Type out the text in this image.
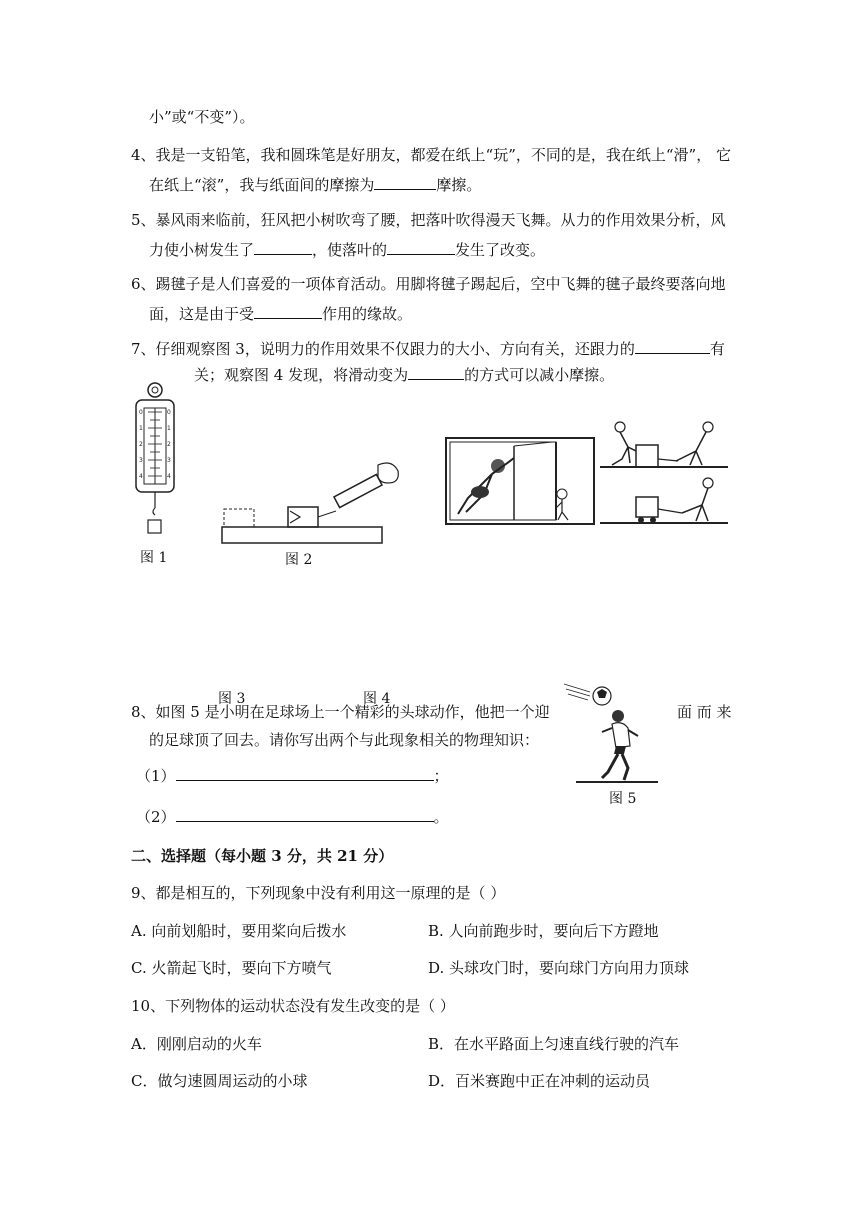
小”或“不变”）。
4、我是一支铅笔，我和圆珠笔是好朋友，都爱在纸上“玩”，不同的是，我在纸上“滑”， 它
在纸上“滚”，我与纸面间的摩擦为	摩擦。
5、暴风雨来临前，狂风把小树吹弯了腰，把落叶吹得漫天飞舞。从力的作用效果分析，风
力使小树发生了	，使落叶的	发生了改变。
6、踢毽子是人们喜爱的一项体育活动。用脚将毽子踢起后，空中飞舞的毽子最终要落向地
面，这是由于受	作用的缘故。
7、仔细观察图 3，说明力的作用效果不仅跟力的大小、方向有关，还跟力的	有
关；观察图 4 发现，将滑动变为	的方式可以减小摩擦。
0
1
2
3
4
0
1
2
3
4
图 1	图 2
图 3	图 4
8、如图 5 是小明在足球场上一个精彩的头球动作，他把一个迎	面 而 来
的足球顶了回去。请你写出两个与此现象相关的物理知识：
图 5
（1）	；
（2）	。
二、选择题（每小题 3 分，共 21 分）
9、都是相互的，下列现象中没有利用这一原理的是（ ）
A. 向前划船时，要用桨向后拨水	B. 人向前跑步时，要向后下方蹬地
C. 火箭起飞时，要向下方喷气	D. 头球攻门时，要向球门方向用力顶球
10、下列物体的运动状态没有发生改变的是（ ）
A．刚刚启动的火车	B．在水平路面上匀速直线行驶的汽车
C．做匀速圆周运动的小球	D．百米赛跑中正在冲刺的运动员
